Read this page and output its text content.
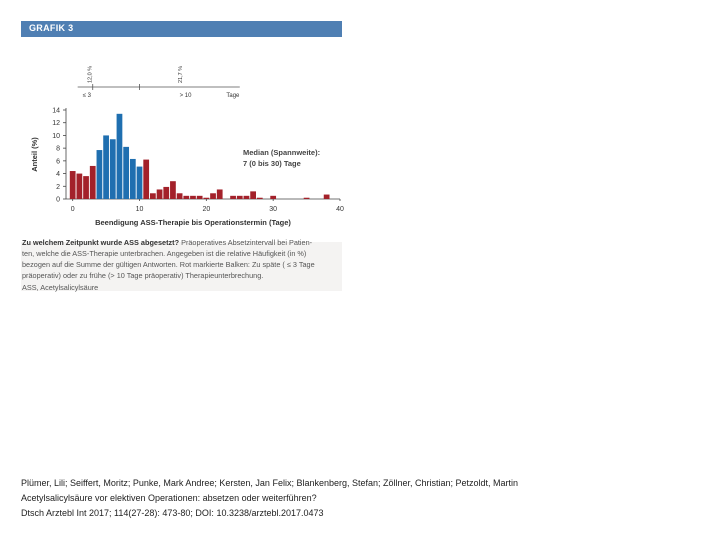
GRAFIK 3
≤ 3	> 10	Tage
12,0 %	21,7 %
0
2
4
6
8
10
12
14
0	10	20	30	40
Anteil (%)
Beendigung ASS-Therapie bis Operationstermin (Tage)
Median (Spannweite):
7 (0 bis 30) Tage
Zu welchem Zeitpunkt wurde ASS abgesetzt? Präoperatives Absetzintervall bei Patien-
ten, welche die ASS-Therapie unterbrachen. Angegeben ist die relative Häufigkeit (in %)
bezogen auf die Summe der gültigen Antworten. Rot markierte Balken: Zu späte ( ≤ 3 Tage
präoperativ) oder zu frühe (> 10 Tage präoperativ) Therapieunterbrechung.
ASS, Acetylsalicylsäure
Plümer, Lili; Seiffert, Moritz; Punke, Mark Andree; Kersten, Jan Felix; Blankenberg, Stefan; Zöllner, Christian; Petzoldt, Martin
Acetylsalicylsäure vor elektiven Operationen: absetzen oder weiterführen?
Dtsch Arztebl Int 2017; 114(27-28): 473-80; DOI: 10.3238/arztebl.2017.0473
